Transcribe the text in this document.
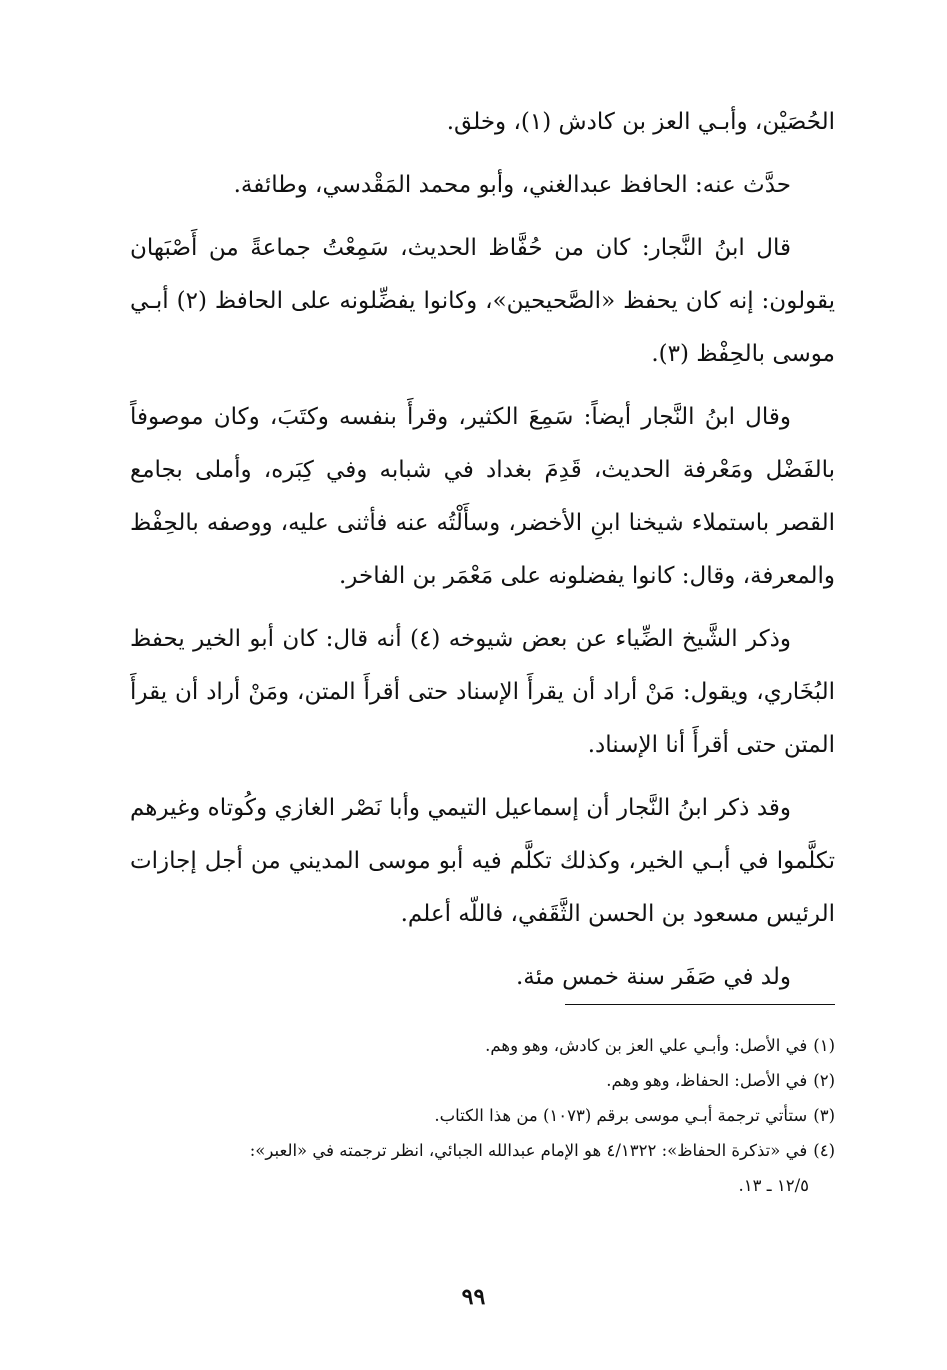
الحُصَيْن، وأبـي العز بن كادش (١)، وخلق.

حدَّث عنه: الحافظ عبدالغني، وأبو محمد المَقْدسي، وطائفة.

قال ابنُ النَّجار: كان من حُفَّاظ الحديث، سَمِعْتُ جماعةً من أَصْبَهان يقولون: إنه كان يحفظ «الصَّحيحين»، وكانوا يفضِّلونه على الحافظ (٢) أبـي موسى بالحِفْظ (٣).

وقال ابنُ النَّجار أيضاً: سَمِعَ الكثير، وقرأَ بنفسه وكتَبَ، وكان موصوفاً بالفَضْل ومَعْرفة الحديث، قَدِمَ بغداد في شبابه وفي كِبَره، وأملى بجامع القصر باستملاء شيخنا ابنِ الأخضر، وسأَلْتُه عنه فأثنى عليه، ووصفه بالحِفْظ والمعرفة، وقال: كانوا يفضلونه على مَعْمَر بن الفاخر.

وذكر الشَّيخ الضِّياء عن بعض شيوخه (٤) أنه قال: كان أبو الخير يحفظ البُخَاري، ويقول: مَنْ أراد أن يقرأَ الإسناد حتى أقرأَ المتن، ومَنْ أراد أن يقرأَ المتن حتى أقرأَ أنا الإسناد.

وقد ذكر ابنُ النَّجار أن إسماعيل التيمي وأبا نَصْر الغازي وكُوتاه وغيرهم تكلَّموا في أبـي الخير، وكذلك تكلَّم فيه أبو موسى المديني من أجل إجازات الرئيس مسعود بن الحسن الثَّقَفي، فاللّه أعلم.

ولد في صَفَر سنة خمس مئة.

(١)في الأصل: وأبـي علي العز بن كادش، وهو وهم.

(٢)في الأصل: الحفاظ، وهو وهم.

(٣)ستأتي ترجمة أبـي موسى برقم (١٠٧٣) من هذا الكتاب.

(٤)في «تذكرة الحفاظ»: ٤/١٣٢٢ هو الإمام عبدالله الجبائي، انظر ترجمته في «العبر»:

١٢/٥ ـ ١٣.

٩٩
